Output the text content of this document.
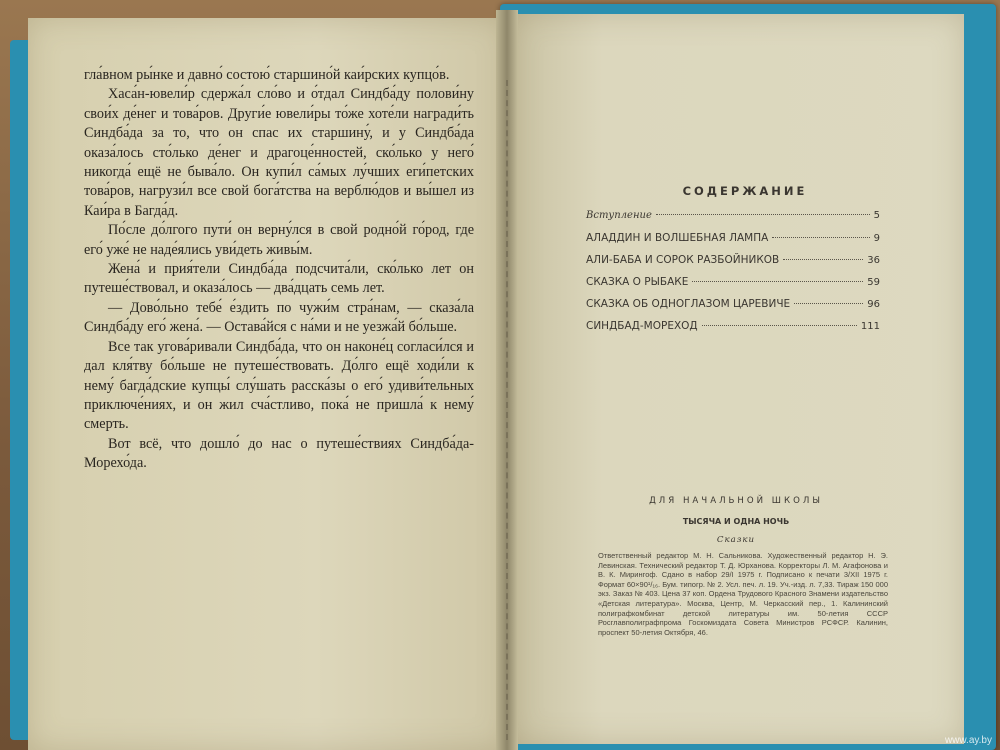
гла́вном ры́нке и давно́ состою́ старшино́й каи́рских купцо́в.

Хаса́н-ювели́р сдержа́л сло́во и о́тдал Синдба́ду полови́ну свои́х де́нег и това́ров. Други́е ювели́ры то́же хоте́ли награди́ть Синдба́да за то, что он спас их старшину́, и у Синдба́да оказа́лось сто́лько де́нег и драгоце́нностей, ско́лько у него́ никогда́ ещё не быва́ло. Он купи́л са́мых лу́чших еги́петских това́ров, нагрузи́л все свой бога́тства на верблю́дов и вы́шел из Каи́ра в Багда́д.

По́сле до́лгого пути́ он верну́лся в свой родно́й го́род, где его́ уже́ не наде́ялись уви́деть живы́м.

Жена́ и прия́тели Синдба́да подсчита́ли, ско́лько лет он путеше́ствовал, и оказа́лось — два́дцать семь лет.

— Дово́льно тебе́ е́здить по чужи́м стра́нам, — сказа́ла Синдба́ду его́ жена́. — Остава́йся с на́ми и не уезжа́й бо́льше.

Все так угова́ривали Синдба́да, что он наконе́ц согласи́лся и дал кля́тву бо́льше не путеше́ствовать. До́лго ещё ходи́ли к нему́ багда́дские купцы́ слу́шать расска́зы о его́ удиви́тельных приключе́ниях, и он жил сча́стливо, пока́ не пришла́ к нему́ смерть.

Вот всё, что дошло́ до нас о путеше́ствиях Синдба́да-Морехо́да.

СОДЕРЖАНИЕ
Вступление	5
АЛАДДИН И ВОЛШЕБНАЯ ЛАМПА	9
АЛИ-БАБА И СОРОК РАЗБОЙНИКОВ	36
СКАЗКА О РЫБАКЕ	59
СКАЗКА ОБ ОДНОГЛАЗОМ ЦАРЕВИЧЕ	96
СИНДБАД-МОРЕХОД	111
ДЛЯ НАЧАЛЬНОЙ ШКОЛЫ
ТЫСЯЧА И ОДНА НОЧЬ
Сказки
Ответственный редактор М. Н. Сальникова. Художественный редактор Н. Э. Левинская. Технический редактор Т. Д. Юрханова. Корректоры Л. М. Агафонова и В. К. Мирингоф. Сдано в набор 29/I 1975 г. Подписано к печати 3/XII 1975 г. Формат 60×90¹/₁₆. Бум. типогр. № 2. Усл. печ. л. 19. Уч.-изд. л. 7,33. Тираж 150 000 экз. Заказ № 403. Цена 37 коп. Ордена Трудового Красного Знамени издательство «Детская литература». Москва, Центр, М. Черкасский пер., 1. Калининский полиграфкомбинат детской литературы им. 50-летия СССР Росглавполиграфпрома Госкомиздата Совета Министров РСФСР. Калинин, проспект 50-летия Октября, 46.
www.ay.by
